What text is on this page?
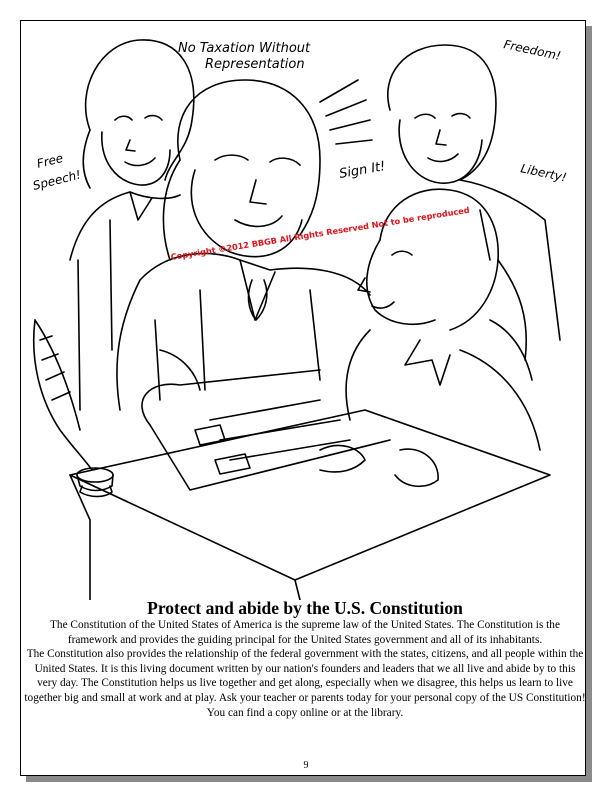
No Taxation Without
Representation
Freedom!
Free
Speech!	Sign It!	Liberty!
Copyright ©2012 BBGB All Rights Reserved Not to be reproduced

Protect and abide by the U.S. Constitution

The Constitution of the United States of America is the supreme law of the United States. The Constitution is the framework and provides the guiding principal for the United States government and all of its inhabitants.

The Constitution also provides the relationship of the federal government with the states, citizens, and all people within the United States. It is this living document written by our nation's founders and leaders that we all live and abide by to this very day. The Constitution helps us live together and get along, especially when we disagree, this helps us learn to live together big and small at work and at play. Ask your teacher or parents today for your personal copy of the US Constitution! You can find a copy online or at the library.

9
